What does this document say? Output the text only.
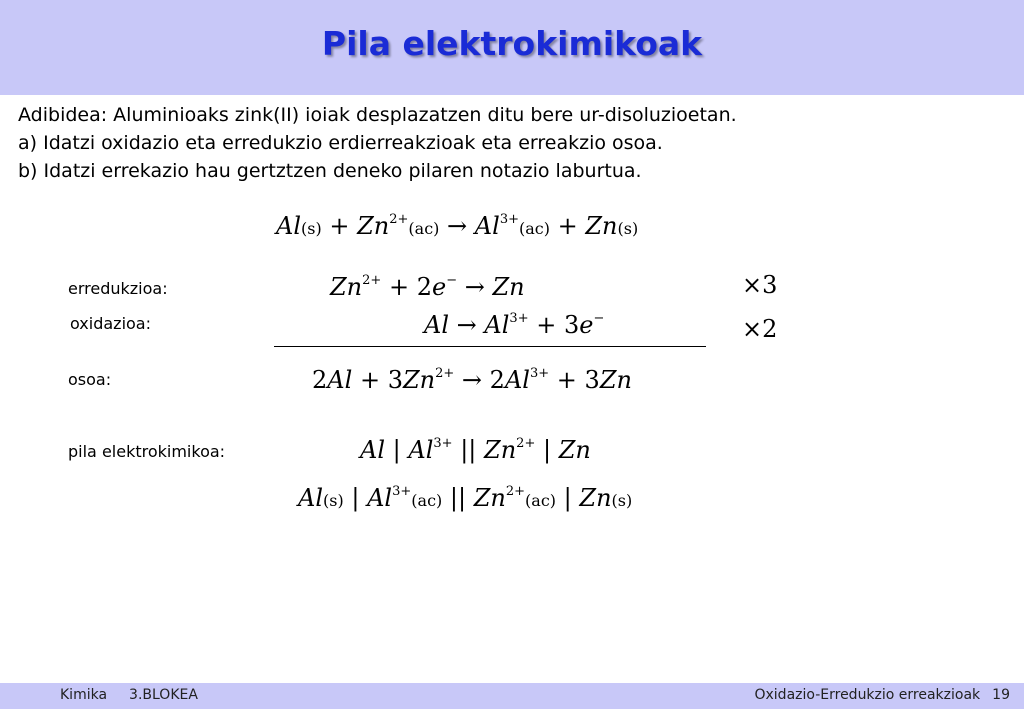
Pila elektrokimikoak
Adibidea: Aluminioaks zink(II) ioiak desplazatzen ditu bere ur-disoluzioetan.
a) Idatzi oxidazio eta erredukzio erdierreakzioak eta erreakzio osoa.
b) Idatzi errekazio hau gertztzen deneko pilaren notazio laburtua.
$Al(s) + Zn^{2+}(ac) \to Al^{3+}(ac) + Zn(s)$
erredukzioa:	$Zn^{2+} + 2e^- \to Zn$	×3
oxidazioa:	$Al \to Al^{3+} + 3e^-$	×2
osoa:	$2Al + 3Zn^{2+} \to 2Al^{3+} + 3Zn$
pila elektrokimikoa:	Al | $Al^{3+}$ || $Zn^{2+}$ | Zn
Al(s) | $Al^{3+}(ac)$ || $Zn^{2+}(ac)$ | Zn(s)
Kimika 3.BLOKEA	Oxidazio-Erredukzio erreakzioak 19
